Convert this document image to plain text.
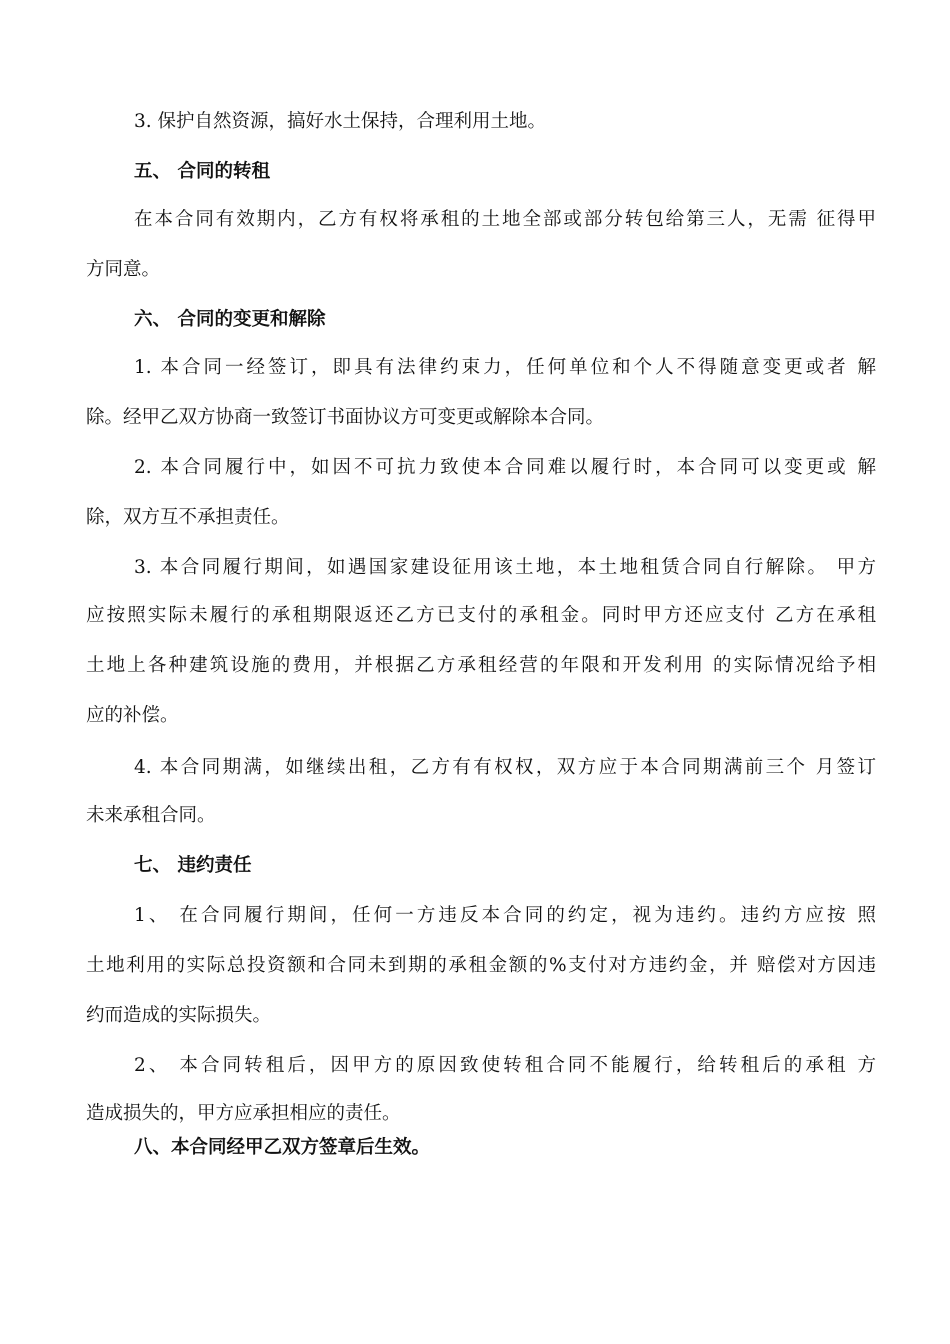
3. 保护自然资源，搞好水土保持，合理利用土地。
五、 合同的转租
在本合同有效期内，乙方有权将承租的土地全部或部分转包给第三人，无需 征得甲
方同意。
六、 合同的变更和解除
1. 本合同一经签订，即具有法律约束力，任何单位和个人不得随意变更或者 解
除。经甲乙双方协商一致签订书面协议方可变更或解除本合同。
2. 本合同履行中，如因不可抗力致使本合同难以履行时，本合同可以变更或 解
除，双方互不承担责任。
3. 本合同履行期间，如遇国家建设征用该土地，本土地租赁合同自行解除。 甲方
应按照实际未履行的承租期限返还乙方已支付的承租金。同时甲方还应支付 乙方在承租
土地上各种建筑设施的费用，并根据乙方承租经营的年限和开发利用 的实际情况给予相
应的补偿。
4. 本合同期满，如继续出租，乙方有有权权，双方应于本合同期满前三个 月签订
未来承租合同。
七、 违约责任
1、 在合同履行期间，任何一方违反本合同的约定，视为违约。违约方应按 照
土地利用的实际总投资额和合同未到期的承租金额的%支付对方违约金，并 赔偿对方因违
约而造成的实际损失。
2、 本合同转租后，因甲方的原因致使转租合同不能履行，给转租后的承租 方
造成损失的，甲方应承担相应的责任。
八、本合同经甲乙双方签章后生效。
